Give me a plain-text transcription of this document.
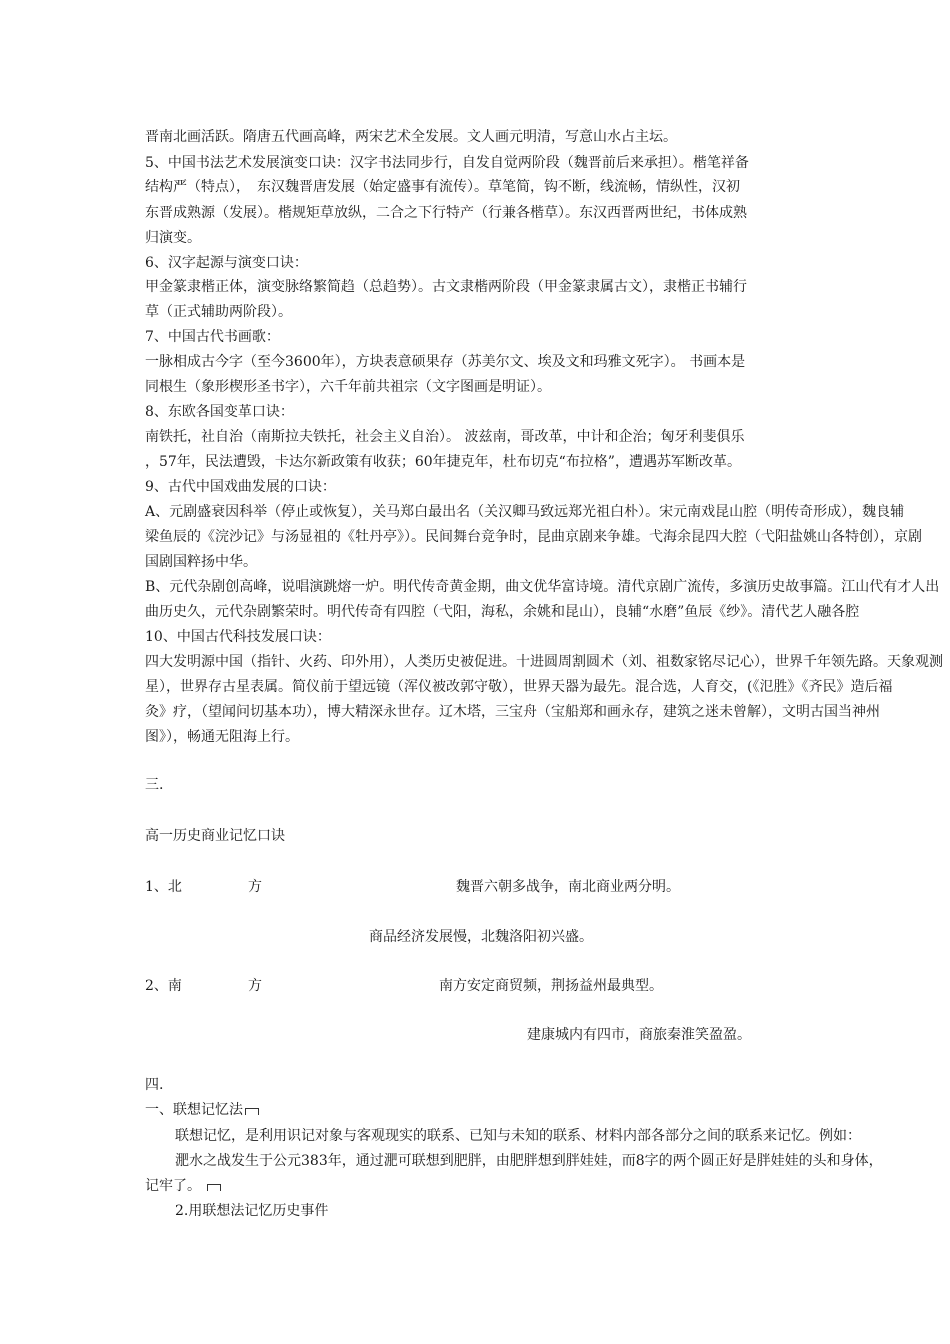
晋南北画活跃。隋唐五代画高峰，两宋艺术全发展。文人画元明清，写意山水占主坛。
5、中国书法艺术发展演变口诀：汉字书法同步行，自发自觉两阶段（魏晋前后来承担）。楷笔祥备
结构严（特点），　东汉魏晋唐发展（始定盛事有流传）。草笔简，钩不断，线流畅，情纵性，汉初
东晋成熟源（发展）。楷规矩草放纵，二合之下行特产（行兼各楷草）。东汉西晋两世纪，书体成熟
归演变。
6、汉字起源与演变口诀：
甲金篆隶楷正体，演变脉络繁简趋（总趋势）。古文隶楷两阶段（甲金篆隶属古文），隶楷正书辅行
草（正式辅助两阶段）。
7、中国古代书画歌：
一脉相成古今字（至今3600年），方块表意硕果存（苏美尔文、埃及文和玛雅文死字）。 书画本是
同根生（象形楔形圣书字），六千年前共祖宗（文字图画是明证）。
8、东欧各国变革口诀：
南铁托，社自治（南斯拉夫铁托，社会主义自治）。 波兹南，哥改革，中计和企治；匈牙利斐俱乐
，57年，民法遭毁，卡达尔新政策有收获；60年捷克年，杜布切克“布拉格”，遭遇苏军断改革。
9、古代中国戏曲发展的口诀：
A、元剧盛衰因科举（停止或恢复），关马郑白最出名（关汉卿马致远郑光祖白朴）。宋元南戏昆山腔（明传奇形成），魏良辅
梁鱼辰的《浣沙记》与汤显祖的《牡丹亭》）。民间舞台竞争时，昆曲京剧来争雄。弋海余昆四大腔（弋阳盐姚山各特创），京剧
国剧国粹扬中华。
B、元代杂剧创高峰，说唱演跳熔一炉。明代传奇黄金期，曲文优华富诗境。清代京剧广流传，多演历史故事篇。江山代有才人出
曲历史久，元代杂剧繁荣时。明代传奇有四腔（弋阳，海私，余姚和昆山），良辅“水磨”鱼辰《纱》。清代艺人融各腔
10、中国古代科技发展口诀：
四大发明源中国（指针、火药、印外用），人类历史被促进。十进圆周割圆术（刘、祖数家铭尽记心），世界千年领先路。天象观测
星），世界存古星表属。简仪前于望远镜（浑仪被改郭守敬），世界天器为最先。混合选，人育交，(《氾胜》《齐民》造后福
灸》疗，（望闻问切基本功），博大精深永世存。辽木塔，三宝舟（宝船郑和画永存，建筑之迷未曾解），文明古国当神州
图》），畅通无阻海上行。
三.
高一历史商业记忆口诀
1、北	方	魏晋六朝多战争，南北商业两分明。
商品经济发展慢，北魏洛阳初兴盛。
2、南	方	南方安定商贸频，荆扬益州最典型。
建康城内有四市，商旅秦淮笑盈盈。
四.
一、联想记忆法
联想记忆，是利用识记对象与客观现实的联系、已知与未知的联系、材料内部各部分之间的联系来记忆。例如：
淝水之战发生于公元383年，通过淝可联想到肥胖，由肥胖想到胖娃娃，而8字的两个圆正好是胖娃娃的头和身体，
记牢了。
2.用联想法记忆历史事件
